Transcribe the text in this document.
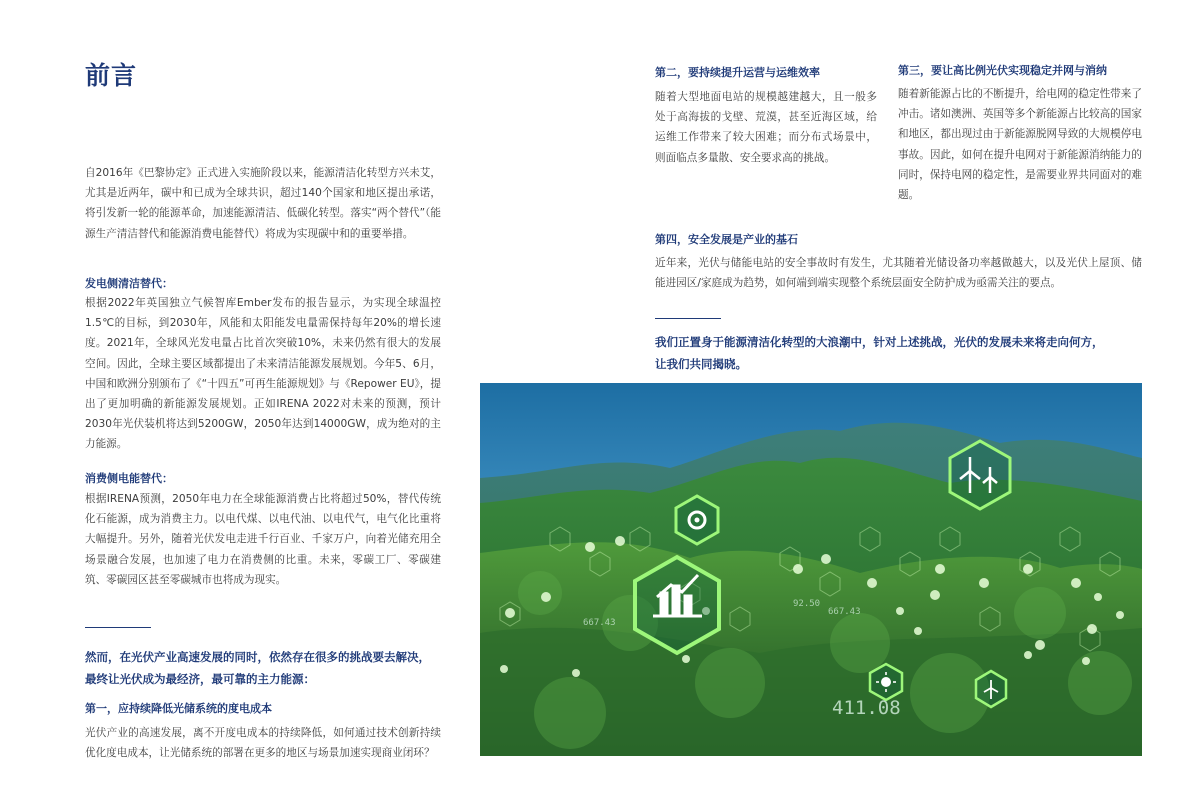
前言
自2016年《巴黎协定》正式进入实施阶段以来，能源清洁化转型方兴未艾，尤其是近两年，碳中和已成为全球共识，超过140个国家和地区提出承诺，将引发新一轮的能源革命，加速能源清洁、低碳化转型。落实“两个替代”（能源生产清洁替代和能源消费电能替代）将成为实现碳中和的重要举措。
发电侧清洁替代：
根据2022年英国独立气候智库Ember发布的报告显示，为实现全球温控1.5℃的目标，到2030年，风能和太阳能发电量需保持每年20%的增长速度。2021年，全球风光发电量占比首次突破10%，未来仍然有很大的发展空间。因此，全球主要区域都提出了未来清洁能源发展规划。今年5、6月，中国和欧洲分别颁布了《“十四五”可再生能源规划》与《Repower EU》，提出了更加明确的新能源发展规划。正如IRENA 2022对未来的预测，预计2030年光伏装机将达到5200GW，2050年达到14000GW，成为绝对的主力能源。
消费侧电能替代：
根据IRENA预测，2050年电力在全球能源消费占比将超过50%，替代传统化石能源，成为消费主力。以电代煤、以电代油、以电代气，电气化比重将大幅提升。另外，随着光伏发电走进千行百业、千家万户，向着光储充用全场景融合发展，也加速了电力在消费侧的比重。未来，零碳工厂、零碳建筑、零碳园区甚至零碳城市也将成为现实。
然而，在光伏产业高速发展的同时，依然存在很多的挑战要去解决，
最终让光伏成为最经济，最可靠的主力能源：
第一，应持续降低光储系统的度电成本
光伏产业的高速发展，离不开度电成本的持续降低，如何通过技术创新持续优化度电成本，让光储系统的部署在更多的地区与场景加速实现商业闭环？
第二，要持续提升运营与运维效率
随着大型地面电站的规模越建越大，且一般多处于高海拔的戈壁、荒漠，甚至近海区域，给运维工作带来了较大困难；而分布式场景中，则面临点多量散、安全要求高的挑战。
第三，要让高比例光伏实现稳定并网与消纳
随着新能源占比的不断提升，给电网的稳定性带来了冲击。诸如澳洲、英国等多个新能源占比较高的国家和地区，都出现过由于新能源脱网导致的大规模停电事故。因此，如何在提升电网对于新能源消纳能力的同时，保持电网的稳定性，是需要业界共同面对的难题。
第四，安全发展是产业的基石
近年来，光伏与储能电站的安全事故时有发生，尤其随着光储设备功率越做越大，以及光伏上屋顶、储能进园区/家庭成为趋势，如何端到端实现整个系统层面安全防护成为亟需关注的要点。
我们正置身于能源清洁化转型的大浪潮中，针对上述挑战，光伏的发展未来将走向何方，
让我们共同揭晓。
411.08
667.43
667.43
92.50
